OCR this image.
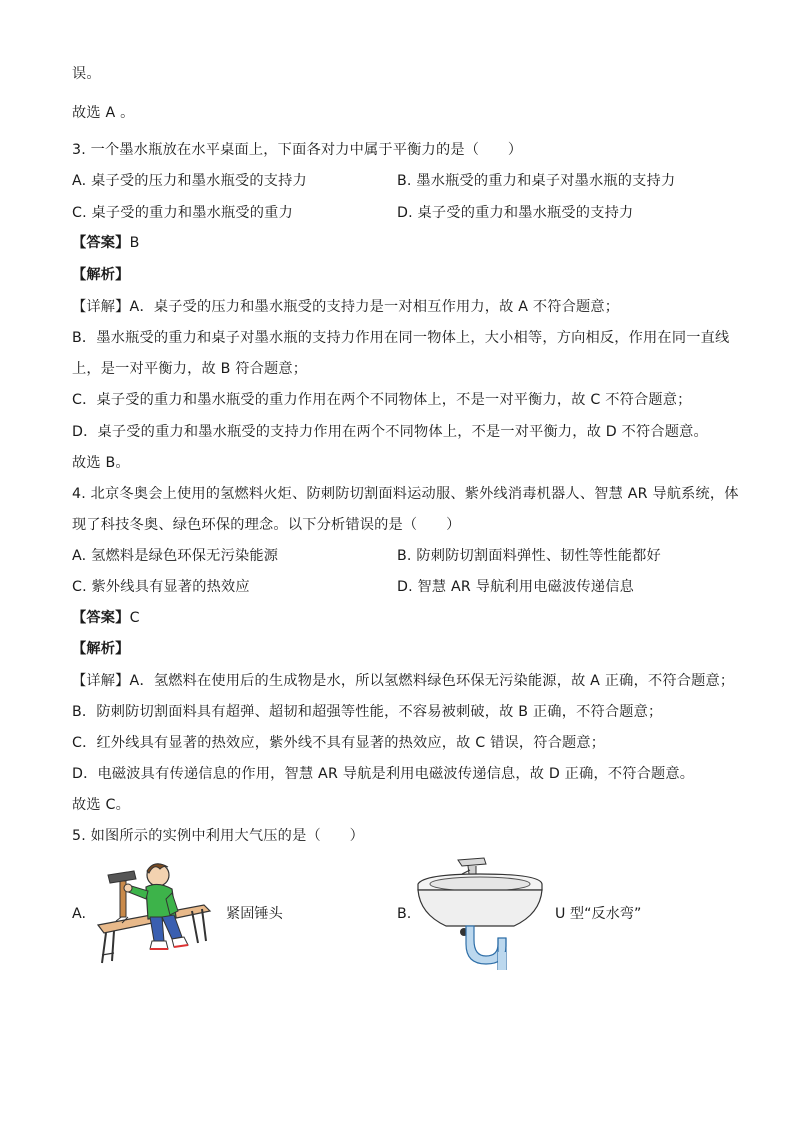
误。
故选 A 。
3. 一个墨水瓶放在水平桌面上，下面各对力中属于平衡力的是（　　）
A. 桌子受的压力和墨水瓶受的支持力	B. 墨水瓶受的重力和桌子对墨水瓶的支持力
C. 桌子受的重力和墨水瓶受的重力	D. 桌子受的重力和墨水瓶受的支持力
【答案】B
【解析】
【详解】A．桌子受的压力和墨水瓶受的支持力是一对相互作用力，故 A 不符合题意；
B．墨水瓶受的重力和桌子对墨水瓶的支持力作用在同一物体上，大小相等，方向相反，作用在同一直线
上，是一对平衡力，故 B 符合题意；
C．桌子受的重力和墨水瓶受的重力作用在两个不同物体上，不是一对平衡力，故 C 不符合题意；
D．桌子受的重力和墨水瓶受的支持力作用在两个不同物体上，不是一对平衡力，故 D 不符合题意。
故选 B。
4. 北京冬奥会上使用的氢燃料火炬、防刺防切割面料运动服、紫外线消毒机器人、智慧 AR 导航系统，体
现了科技冬奥、绿色环保的理念。以下分析错误的是（　　）
A. 氢燃料是绿色环保无污染能源	B. 防刺防切割面料弹性、韧性等性能都好
C. 紫外线具有显著的热效应	D. 智慧 AR 导航利用电磁波传递信息
【答案】C
【解析】
【详解】A．氢燃料在使用后的生成物是水，所以氢燃料绿色环保无污染能源，故 A 正确，不符合题意；
B．防刺防切割面料具有超弹、超韧和超强等性能，不容易被刺破，故 B 正确，不符合题意；
C．红外线具有显著的热效应，紫外线不具有显著的热效应，故 C 错误，符合题意；
D．电磁波具有传递信息的作用，智慧 AR 导航是利用电磁波传递信息，故 D 正确，不符合题意。
故选 C。
5. 如图所示的实例中利用大气压的是（　　）
A.	紧固锤头	B.	U 型“反水弯”
